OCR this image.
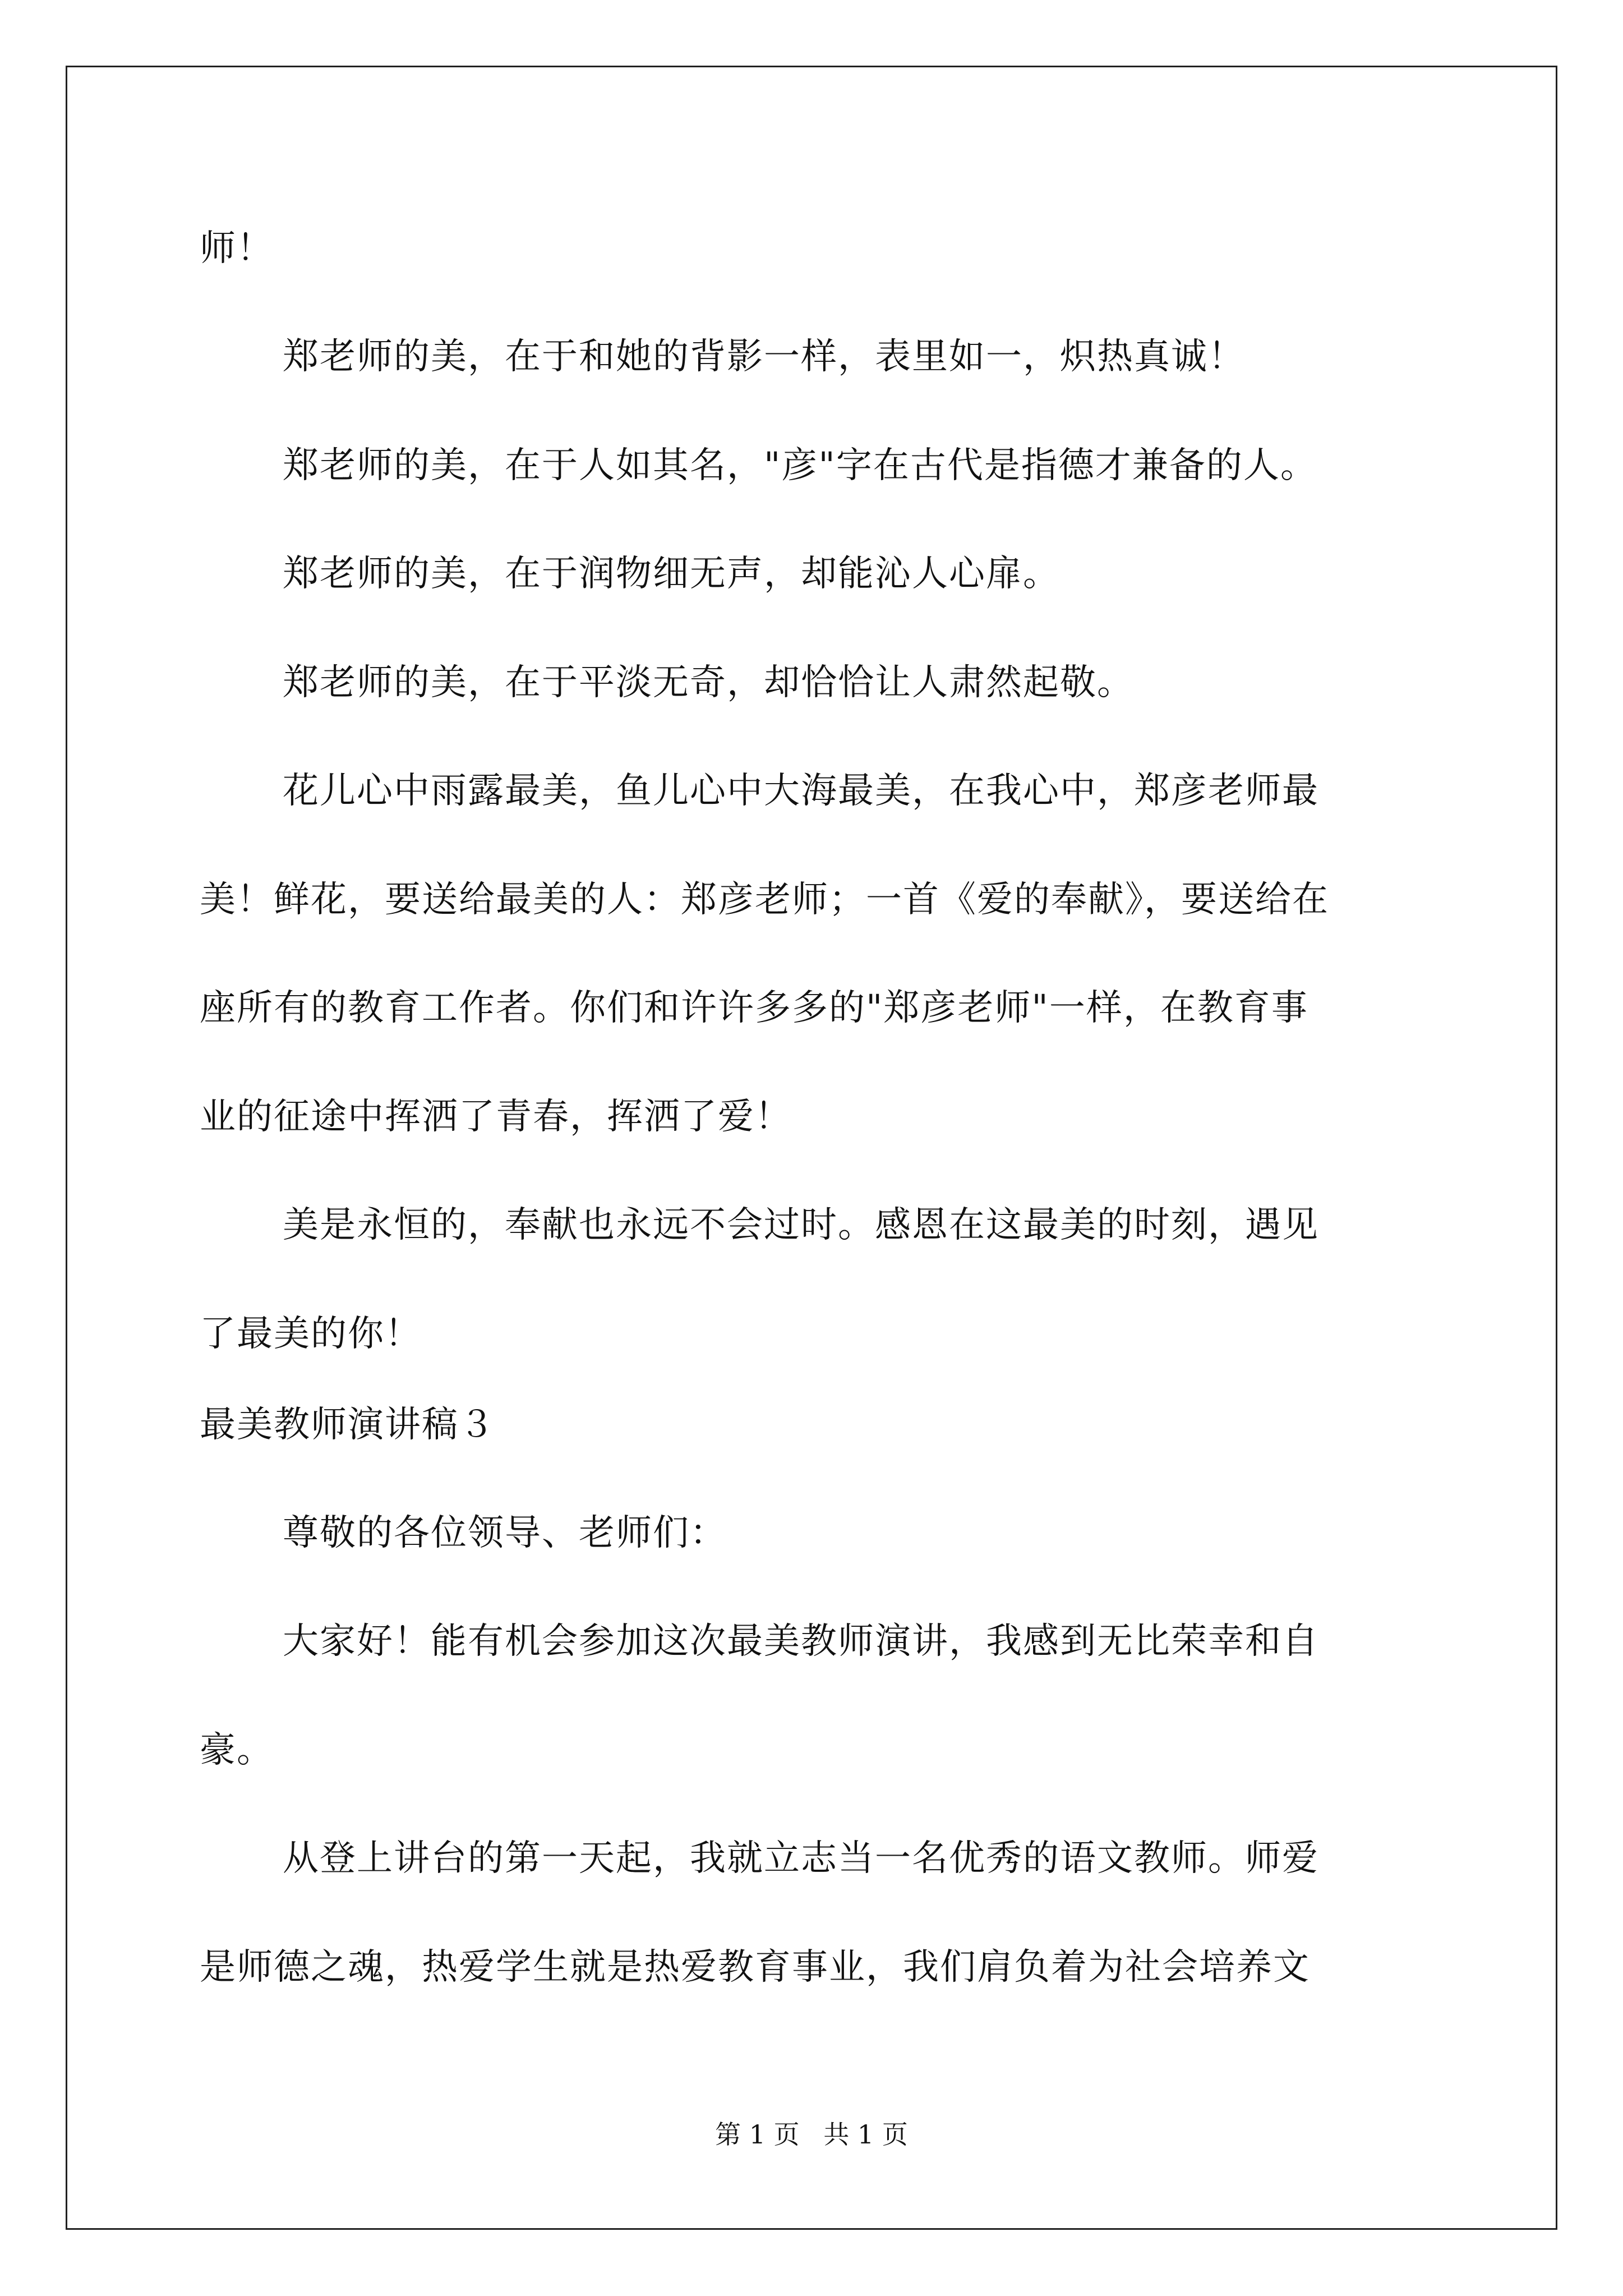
师！
郑老师的美，在于和她的背影一样，表里如一，炽热真诚！
郑老师的美，在于人如其名，"彦"字在古代是指德才兼备的人。
郑老师的美，在于润物细无声，却能沁人心扉。
郑老师的美，在于平淡无奇，却恰恰让人肃然起敬。
花儿心中雨露最美，鱼儿心中大海最美，在我心中，郑彦老师最
美！鲜花，要送给最美的人：郑彦老师；一首《爱的奉献》，要送给在
座所有的教育工作者。你们和许许多多的"郑彦老师"一样，在教育事
业的征途中挥洒了青春，挥洒了爱！
美是永恒的，奉献也永远不会过时。感恩在这最美的时刻，遇见
了最美的你！
最美教师演讲稿３
尊敬的各位领导、老师们：
大家好！能有机会参加这次最美教师演讲，我感到无比荣幸和自
豪。
从登上讲台的第一天起，我就立志当一名优秀的语文教师。师爱
是师德之魂，热爱学生就是热爱教育事业，我们肩负着为社会培养文
第 1 页 共 1 页
